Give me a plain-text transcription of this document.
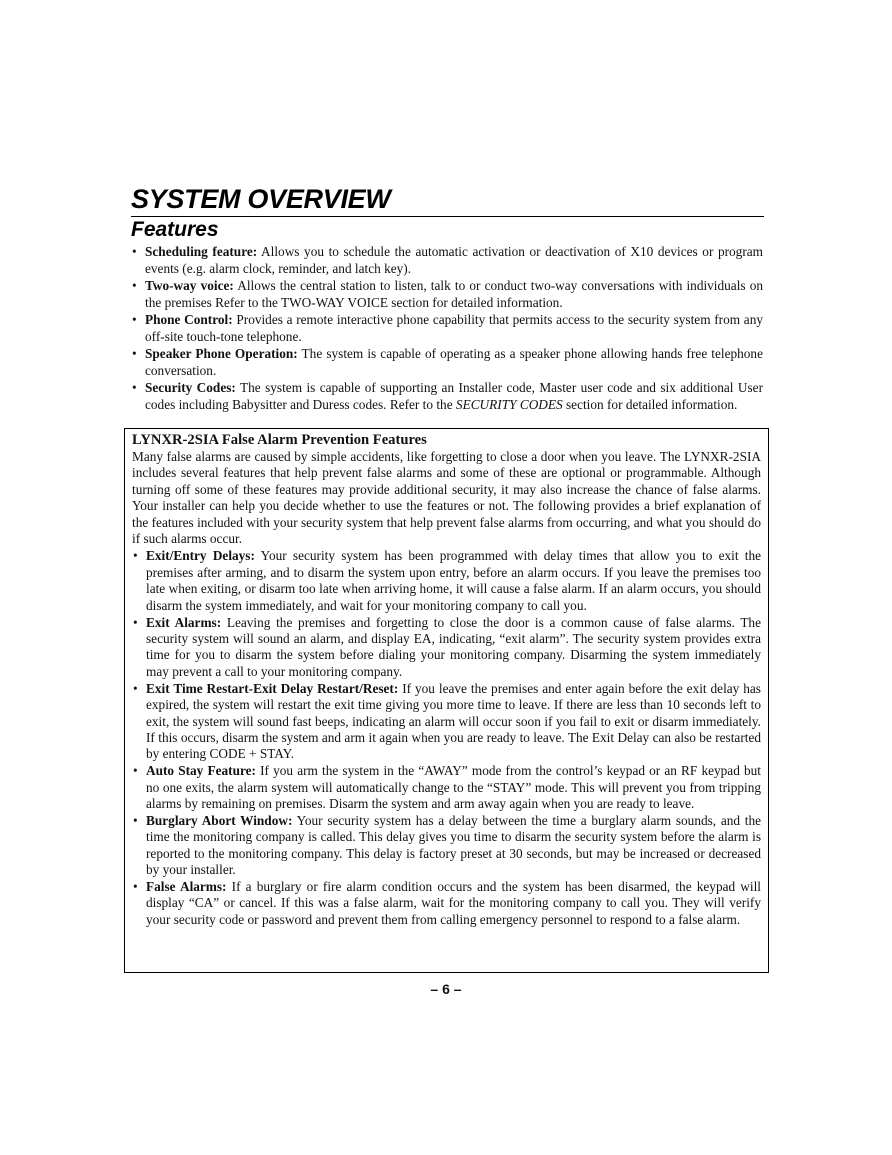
SYSTEM OVERVIEW
Features
• Scheduling feature: Allows you to schedule the automatic activation or deactivation of X10 devices or program events (e.g. alarm clock, reminder, and latch key).
• Two-way voice: Allows the central station to listen, talk to or conduct two-way conversations with individuals on the premises Refer to the TWO-WAY VOICE section for detailed information.
• Phone Control: Provides a remote interactive phone capability that permits access to the security system from any off-site touch-tone telephone.
• Speaker Phone Operation: The system is capable of operating as a speaker phone allowing hands free telephone conversation.
• Security Codes: The system is capable of supporting an Installer code, Master user code and six additional User codes including Babysitter and Duress codes. Refer to the SECURITY CODES section for detailed information.
LYNXR-2SIA False Alarm Prevention Features
Many false alarms are caused by simple accidents, like forgetting to close a door when you leave. The LYNXR-2SIA includes several features that help prevent false alarms and some of these are optional or programmable. Although turning off some of these features may provide additional security, it may also increase the chance of false alarms. Your installer can help you decide whether to use the features or not. The following provides a brief explanation of the features included with your security system that help prevent false alarms from occurring, and what you should do if such alarms occur.
• Exit/Entry Delays: Your security system has been programmed with delay times that allow you to exit the premises after arming, and to disarm the system upon entry, before an alarm occurs. If you leave the premises too late when exiting, or disarm too late when arriving home, it will cause a false alarm. If an alarm occurs, you should disarm the system immediately, and wait for your monitoring company to call you.
• Exit Alarms: Leaving the premises and forgetting to close the door is a common cause of false alarms. The security system will sound an alarm, and display EA, indicating, “exit alarm”. The security system provides extra time for you to disarm the system before dialing your monitoring company. Disarming the system immediately may prevent a call to your monitoring company.
• Exit Time Restart-Exit Delay Restart/Reset: If you leave the premises and enter again before the exit delay has expired, the system will restart the exit time giving you more time to leave. If there are less than 10 seconds left to exit, the system will sound fast beeps, indicating an alarm will occur soon if you fail to exit or disarm immediately. If this occurs, disarm the system and arm it again when you are ready to leave. The Exit Delay can also be restarted by entering CODE + STAY.
• Auto Stay Feature: If you arm the system in the “AWAY” mode from the control’s keypad or an RF keypad but no one exits, the alarm system will automatically change to the “STAY” mode. This will prevent you from tripping alarms by remaining on premises. Disarm the system and arm away again when you are ready to leave.
• Burglary Abort Window: Your security system has a delay between the time a burglary alarm sounds, and the time the monitoring company is called. This delay gives you time to disarm the security system before the alarm is reported to the monitoring company. This delay is factory preset at 30 seconds, but may be increased or decreased by your installer.
• False Alarms: If a burglary or fire alarm condition occurs and the system has been disarmed, the keypad will display “CA” or cancel. If this was a false alarm, wait for the monitoring company to call you. They will verify your security code or password and prevent them from calling emergency personnel to respond to a false alarm.
– 6 –
